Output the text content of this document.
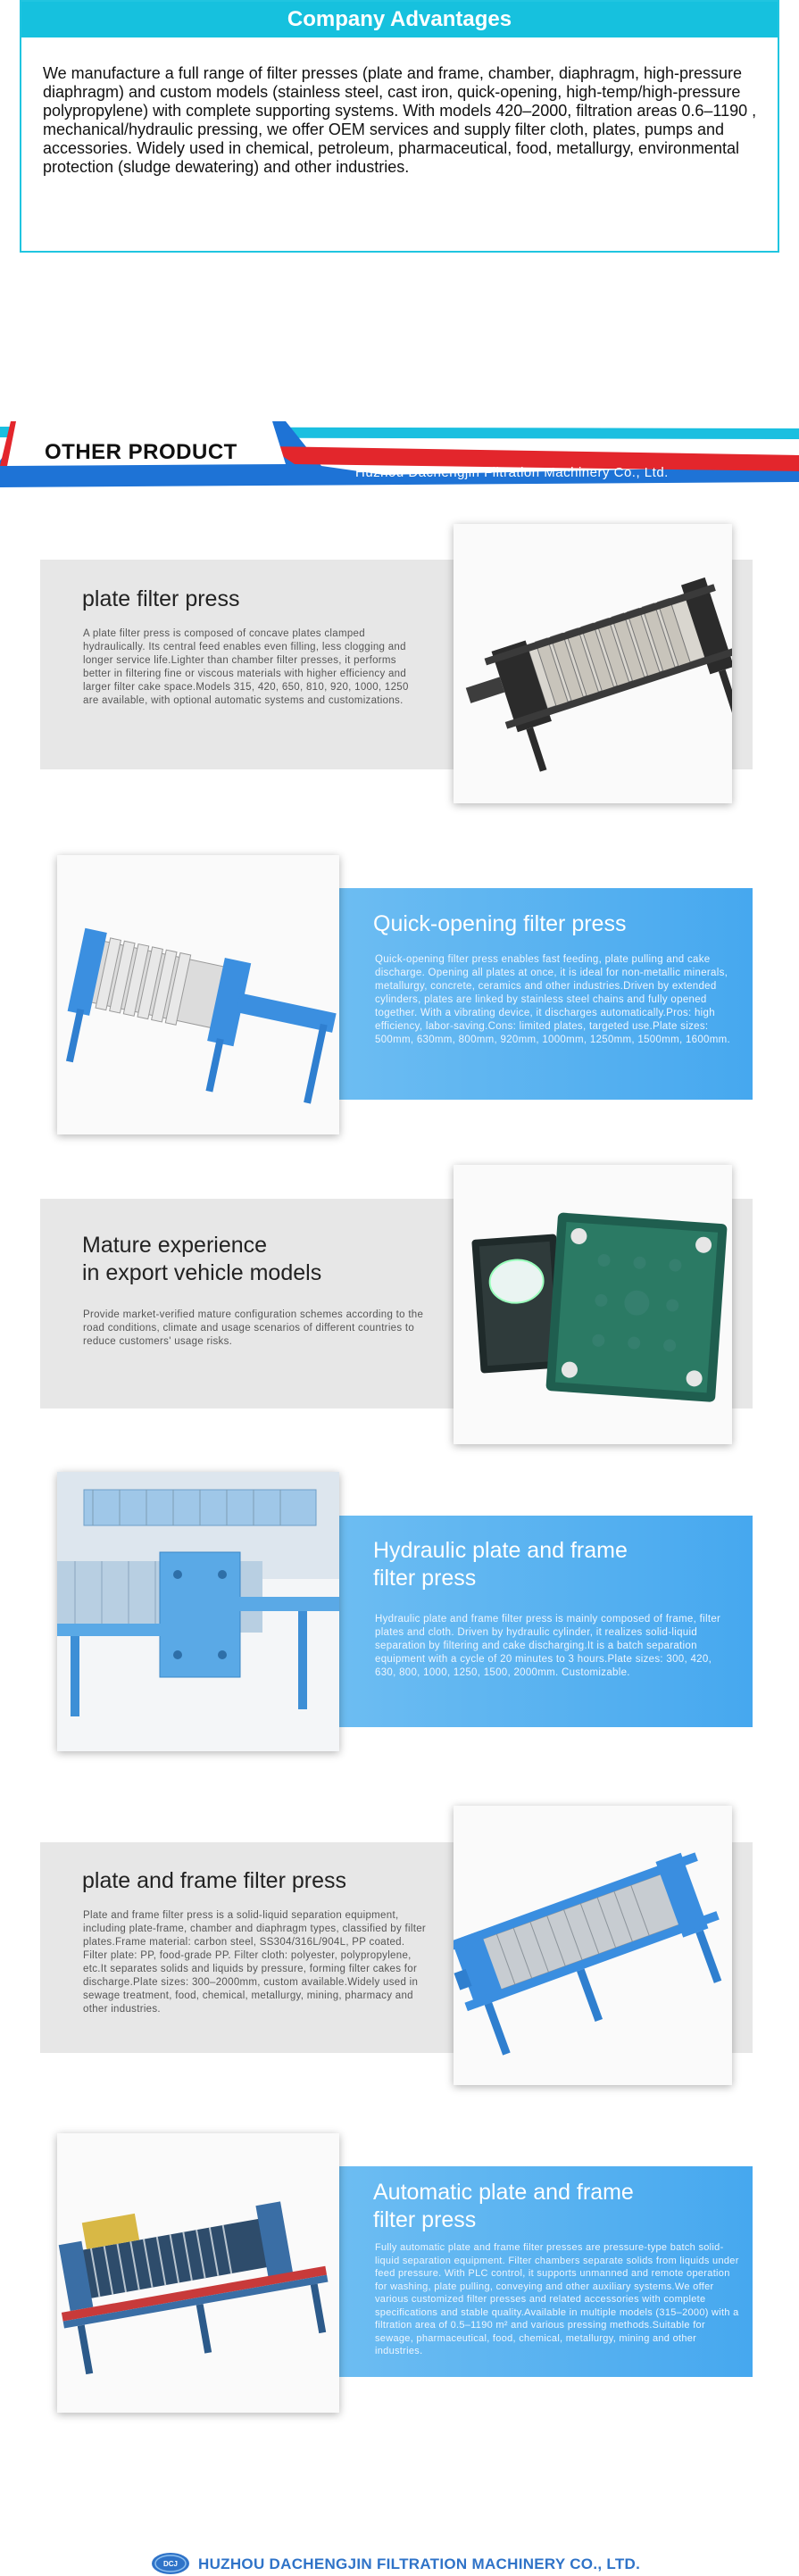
Company Advantages
We manufacture a full range of filter presses (plate and frame, chamber, diaphragm, high-pressure diaphragm) and custom models (stainless steel, cast iron, quick-opening, high-temp/high-pressure polypropylene) with complete supporting systems. With models 420–2000, filtration areas 0.6–1190 , mechanical/hydraulic pressing, we offer OEM services and supply filter cloth, plates, pumps and accessories. Widely used in chemical, petroleum, pharmaceutical, food, metallurgy, environmental protection (sludge dewatering) and other industries.
OTHER PRODUCT
Huzhou Dachengjin Filtration Machinery Co., Ltd.
plate filter press
A plate filter press is composed of concave plates clamped hydraulically. Its central feed enables even filling, less clogging and longer service life.Lighter than chamber filter presses, it performs better in filtering fine or viscous materials with higher efficiency and larger filter cake space.Models 315, 420, 650, 810, 920, 1000, 1250 are available, with optional automatic systems and customizations.
Quick-opening filter press
Quick-opening filter press enables fast feeding, plate pulling and cake discharge. Opening all plates at once, it is ideal for non-metallic minerals, metallurgy, concrete, ceramics and other industries.Driven by extended cylinders, plates are linked by stainless steel chains and fully opened together. With a vibrating device, it discharges automatically.Pros: high efficiency, labor-saving.Cons: limited plates, targeted use.Plate sizes: 500mm, 630mm, 800mm, 920mm, 1000mm, 1250mm, 1500mm, 1600mm.
Mature experience
in export vehicle models
Provide market-verified mature configuration schemes according to the road conditions, climate and usage scenarios of different countries to reduce customers' usage risks.
Hydraulic plate and frame
filter press
Hydraulic plate and frame filter press is mainly composed of frame, filter plates and cloth. Driven by hydraulic cylinder, it realizes solid-liquid separation by filtering and cake discharging.It is a batch separation equipment with a cycle of 20 minutes to 3 hours.Plate sizes: 300, 420, 630, 800, 1000, 1250, 1500, 2000mm. Customizable.
plate and frame filter press
Plate and frame filter press is a solid-liquid separation equipment, including plate-frame, chamber and diaphragm types, classified by filter plates.Frame material: carbon steel, SS304/316L/904L, PP coated. Filter plate: PP, food-grade PP. Filter cloth: polyester, polypropylene, etc.It separates solids and liquids by pressure, forming filter cakes for discharge.Plate sizes: 300–2000mm, custom available.Widely used in sewage treatment, food, chemical, metallurgy, mining, pharmacy and other industries.
Automatic plate and frame
filter press
Fully automatic plate and frame filter presses are pressure-type batch solid-liquid separation equipment. Filter chambers separate solids from liquids under feed pressure. With PLC control, it supports unmanned and remote operation for washing, plate pulling, conveying and other auxiliary systems.We offer various customized filter presses and related accessories with complete specifications and stable quality.Available in multiple models (315–2000) with a filtration area of 0.5–1190 m² and various pressing methods.Suitable for sewage, pharmaceutical, food, chemical, metallurgy, mining and other industries.
DCJ HUZHOU DACHENGJIN FILTRATION MACHINERY CO., LTD.
